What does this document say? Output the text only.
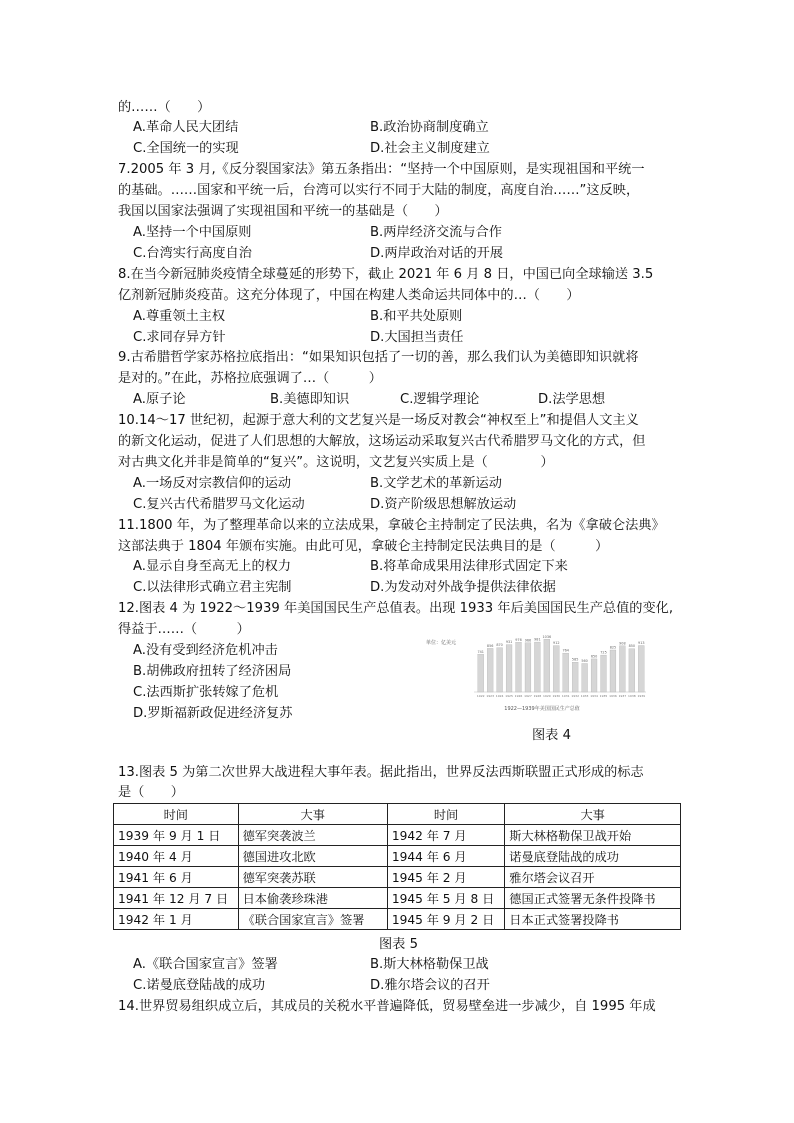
的……（　　）
A.革命人民大团结	B.政治协商制度确立
C.全国统一的实现	D.社会主义制度建立
7.2005 年 3 月,《反分裂国家法》第五条指出：“坚持一个中国原则，是实现祖国和平统一
的基础。……国家和平统一后，台湾可以实行不同于大陆的制度，高度自治……”这反映，
我国以国家法强调了实现祖国和平统一的基础是（　　）
A.坚持一个中国原则	B.两岸经济交流与合作
C.台湾实行高度自治	D.两岸政治对话的开展
8.在当今新冠肺炎疫情全球蔓延的形势下，截止 2021 年 6 月 8 日，中国已向全球输送 3.5
亿剂新冠肺炎疫苗。这充分体现了，中国在构建人类命运共同体中的…（　　）
A.尊重领土主权	B.和平共处原则
C.求同存异方针	D.大国担当责任
9.古希腊哲学家苏格拉底指出：“如果知识包括了一切的善，那么我们认为美德即知识就将
是对的。”在此，苏格拉底强调了…（　　　）
A.原子论	B.美德即知识	C.逻辑学理论	D.法学思想
10.14～17 世纪初，起源于意大利的文艺复兴是一场反对教会“神权至上”和提倡人文主义
的新文化运动，促进了人们思想的大解放，这场运动采取复兴古代希腊罗马文化的方式，但
对古典文化并非是简单的“复兴”。这说明，文艺复兴实质上是（　　　　）
A.一场反对宗教信仰的运动	B.文学艺术的革新运动
C.复兴古代希腊罗马文化运动	D.资产阶级思想解放运动
11.1800 年，为了整理革命以来的立法成果，拿破仑主持制定了民法典，名为《拿破仑法典》
这部法典于 1804 年颁布实施。由此可见，拿破仑主持制定民法典目的是（　　　）
A.显示自身至高无上的权力	B.将革命成果用法律形式固定下来
C.以法律形式确立君主宪制	D.为发动对外战争提供法律依据
12.图表 4 为 1922～1939 年美国国民生产总值表。出现 1933 年后美国国民生产总值的变化,
得益于……（　　　）
A.没有受到经济危机冲击
B.胡佛政府扭转了经济困局
C.法西斯扩张转嫁了危机
D.罗斯福新政促进经济复苏
单位：亿美元
741
1922
856
1923
870
1924
931
1925
976
1926
966
1927
981
1928
1036
1929
912
1930
764
1931
585
1932
560
1933
650
1934
725
1935
825
1936
908
1937
850
1938
913
1939
1922—1939年美国国民生产总值
图表 4
13.图表 5 为第二次世界大战进程大事年表。据此指出，世界反法西斯联盟正式形成的标志
是（　　）
时间	大事	时间	大事
1939 年 9 月 1 日	德军突袭波兰	1942 年 7 月	斯大林格勒保卫战开始
1940 年 4 月	德国进攻北欧	1944 年 6 月	诺曼底登陆战的成功
1941 年 6 月	德军突袭苏联	1945 年 2 月	雅尔塔会议召开
1941 年 12 月 7 日	日本偷袭珍珠港	1945 年 5 月 8 日	德国正式签署无条件投降书
1942 年 1 月	《联合国家宣言》签署	1945 年 9 月 2 日	日本正式签署投降书
图表 5
A.《联合国家宣言》签署	B.斯大林格勒保卫战
C.诺曼底登陆战的成功	D.雅尔塔会议的召开
14.世界贸易组织成立后，其成员的关税水平普遍降低，贸易壁垒进一步减少，自 1995 年成
